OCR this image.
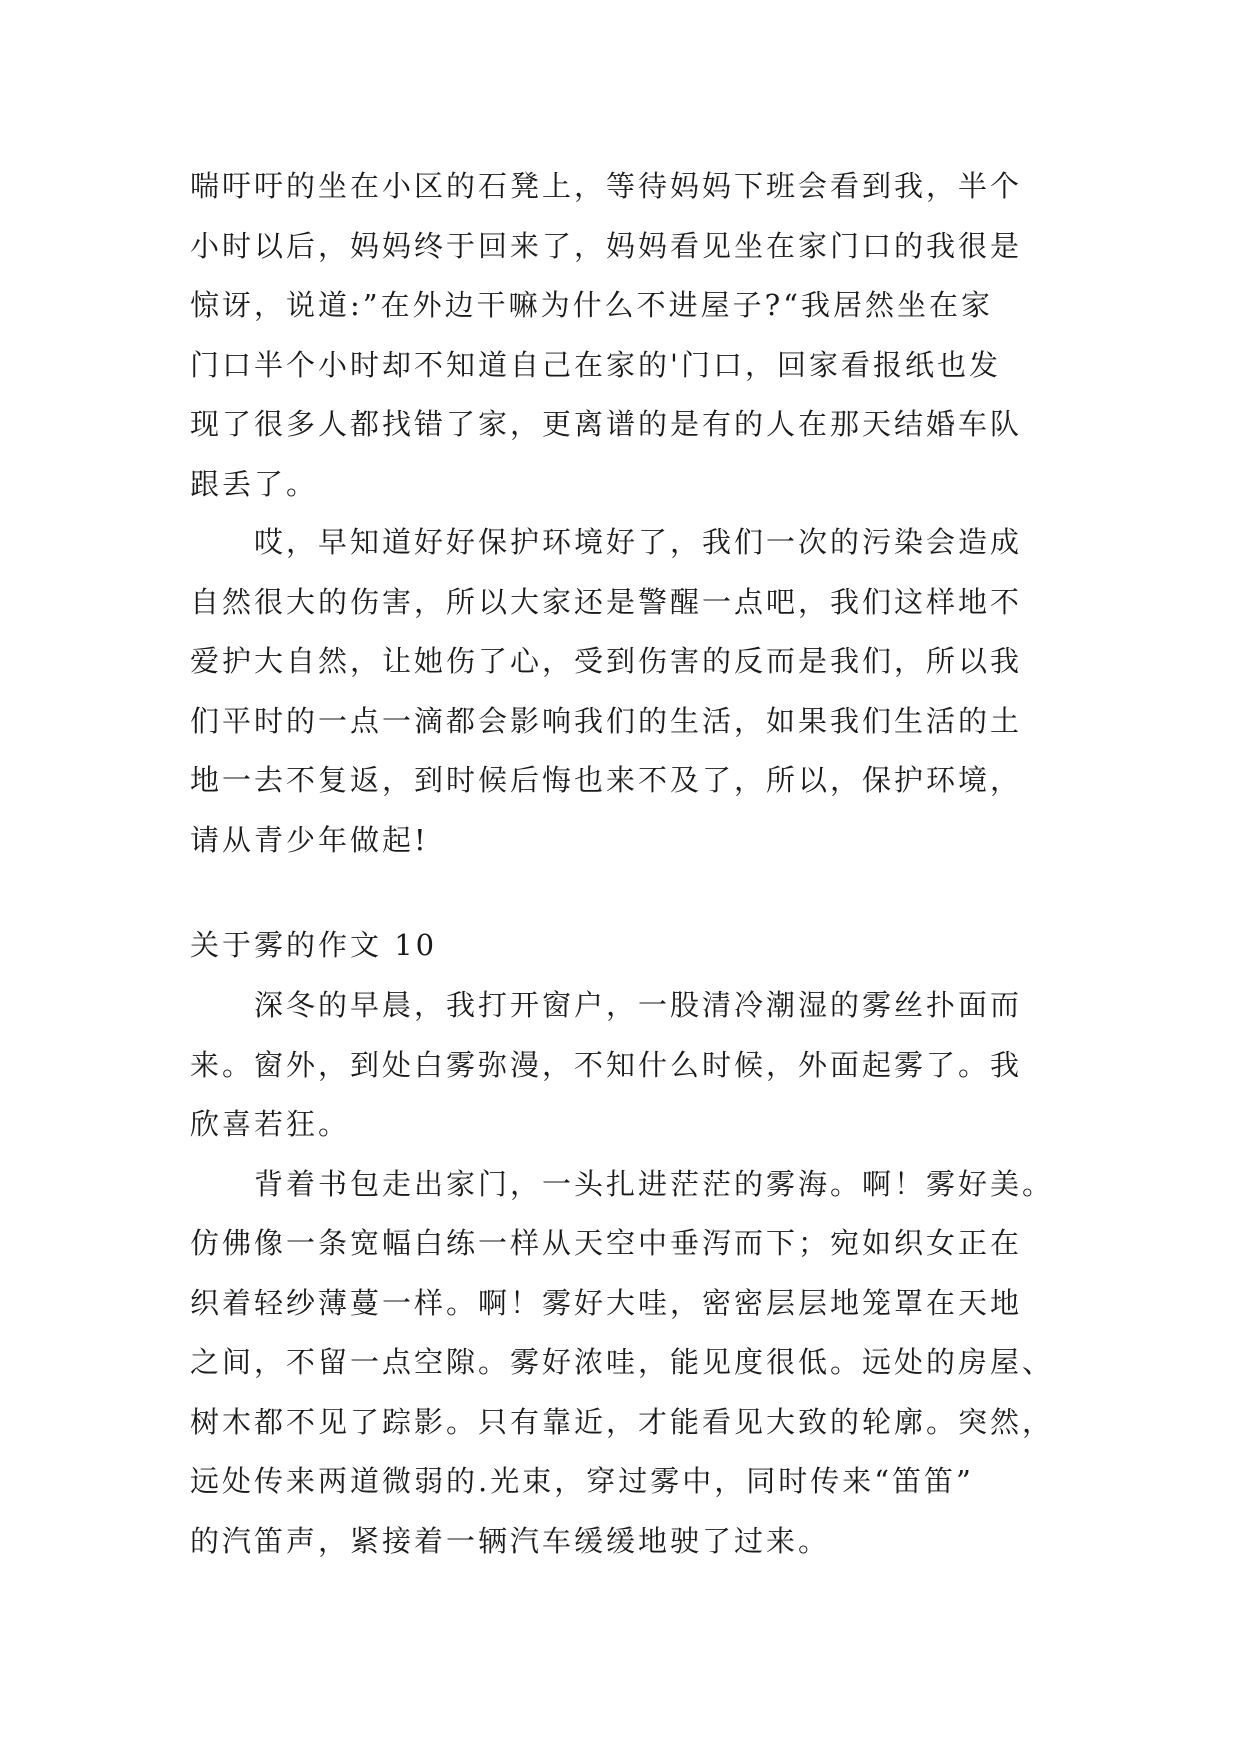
喘吁吁的坐在小区的石凳上，等待妈妈下班会看到我，半个
小时以后，妈妈终于回来了，妈妈看见坐在家门口的我很是
惊讶，说道:”在外边干嘛为什么不进屋子?“我居然坐在家
门口半个小时却不知道自己在家的'门口，回家看报纸也发
现了很多人都找错了家，更离谱的是有的人在那天结婚车队
跟丢了。
哎，早知道好好保护环境好了，我们一次的污染会造成
自然很大的伤害，所以大家还是警醒一点吧，我们这样地不
爱护大自然，让她伤了心，受到伤害的反而是我们，所以我
们平时的一点一滴都会影响我们的生活，如果我们生活的土
地一去不复返，到时候后悔也来不及了，所以，保护环境，
请从青少年做起!
关于雾的作文 10
深冬的早晨，我打开窗户，一股清冷潮湿的雾丝扑面而
来。窗外，到处白雾弥漫，不知什么时候，外面起雾了。我
欣喜若狂。
背着书包走出家门，一头扎进茫茫的雾海。啊！雾好美。
仿佛像一条宽幅白练一样从天空中垂泻而下；宛如织女正在
织着轻纱薄蔓一样。啊！雾好大哇，密密层层地笼罩在天地
之间，不留一点空隙。雾好浓哇，能见度很低。远处的房屋、
树木都不见了踪影。只有靠近，才能看见大致的轮廓。突然，
远处传来两道微弱的.光束，穿过雾中，同时传来“笛笛”
的汽笛声，紧接着一辆汽车缓缓地驶了过来。
